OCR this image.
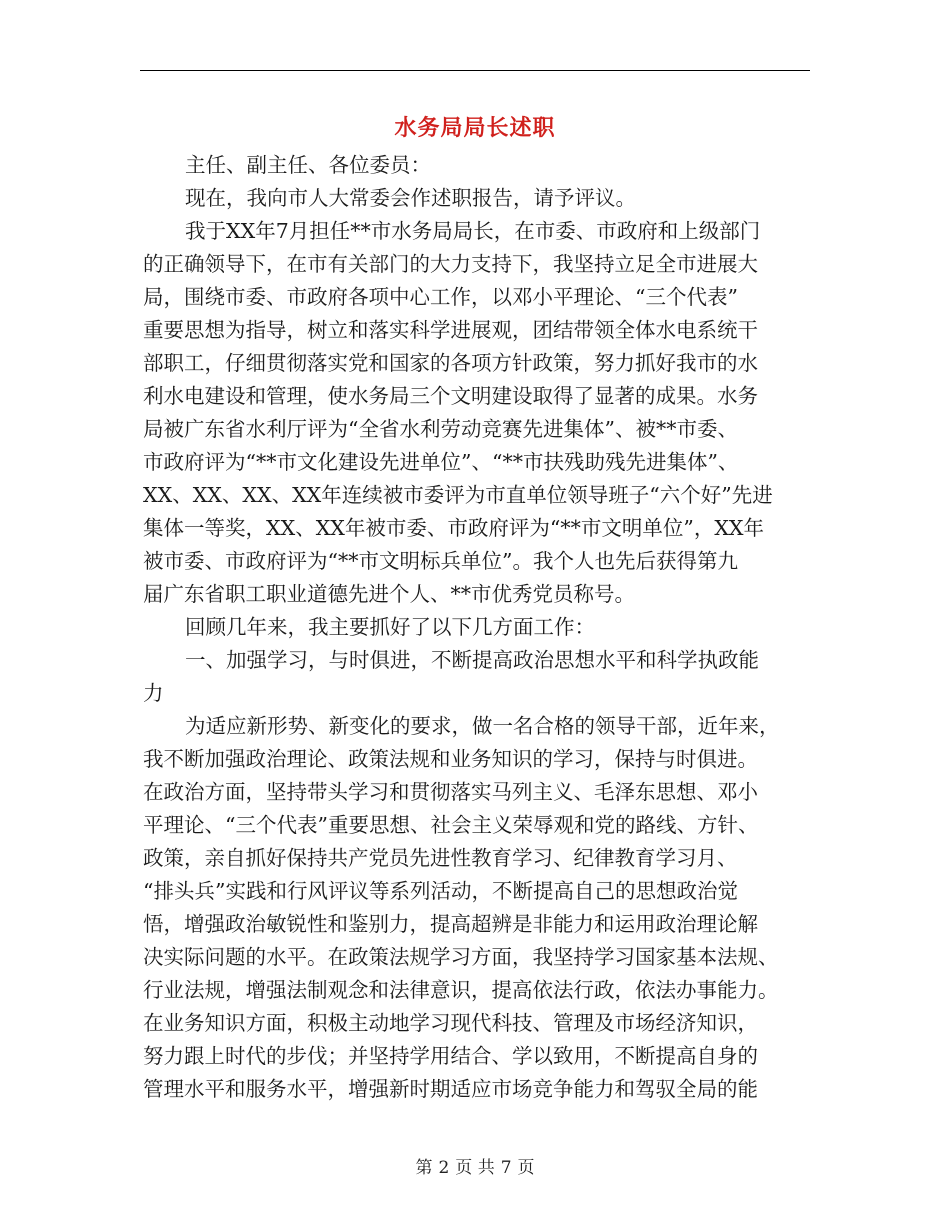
水务局局长述职
主任、副主任、各位委员：
现在，我向市人大常委会作述职报告，请予评议。
我于XX年7月担任**市水务局局长，在市委、市政府和上级部门
的正确领导下，在市有关部门的大力支持下，我坚持立足全市进展大
局，围绕市委、市政府各项中心工作，以邓小平理论、“三个代表”
重要思想为指导，树立和落实科学进展观，团结带领全体水电系统干
部职工，仔细贯彻落实党和国家的各项方针政策，努力抓好我市的水
利水电建设和管理，使水务局三个文明建设取得了显著的成果。水务
局被广东省水利厅评为“全省水利劳动竞赛先进集体”、被**市委、
市政府评为“**市文化建设先进单位”、“**市扶残助残先进集体”、
XX、XX、XX、XX年连续被市委评为市直单位领导班子“六个好”先进
集体一等奖，XX、XX年被市委、市政府评为“**市文明单位”，XX年
被市委、市政府评为“**市文明标兵单位”。我个人也先后获得第九
届广东省职工职业道德先进个人、**市优秀党员称号。
回顾几年来，我主要抓好了以下几方面工作：
一、加强学习，与时俱进，不断提高政治思想水平和科学执政能
力
为适应新形势、新变化的要求，做一名合格的领导干部，近年来，
我不断加强政治理论、政策法规和业务知识的学习，保持与时俱进。
在政治方面，坚持带头学习和贯彻落实马列主义、毛泽东思想、邓小
平理论、“三个代表”重要思想、社会主义荣辱观和党的路线、方针、
政策，亲自抓好保持共产党员先进性教育学习、纪律教育学习月、
“排头兵”实践和行风评议等系列活动，不断提高自己的思想政治觉
悟，增强政治敏锐性和鉴别力，提高超辨是非能力和运用政治理论解
决实际问题的水平。在政策法规学习方面，我坚持学习国家基本法规、
行业法规，增强法制观念和法律意识，提高依法行政，依法办事能力。
在业务知识方面，积极主动地学习现代科技、管理及市场经济知识，
努力跟上时代的步伐；并坚持学用结合、学以致用，不断提高自身的
管理水平和服务水平，增强新时期适应市场竞争能力和驾驭全局的能
第 2 页 共 7 页
